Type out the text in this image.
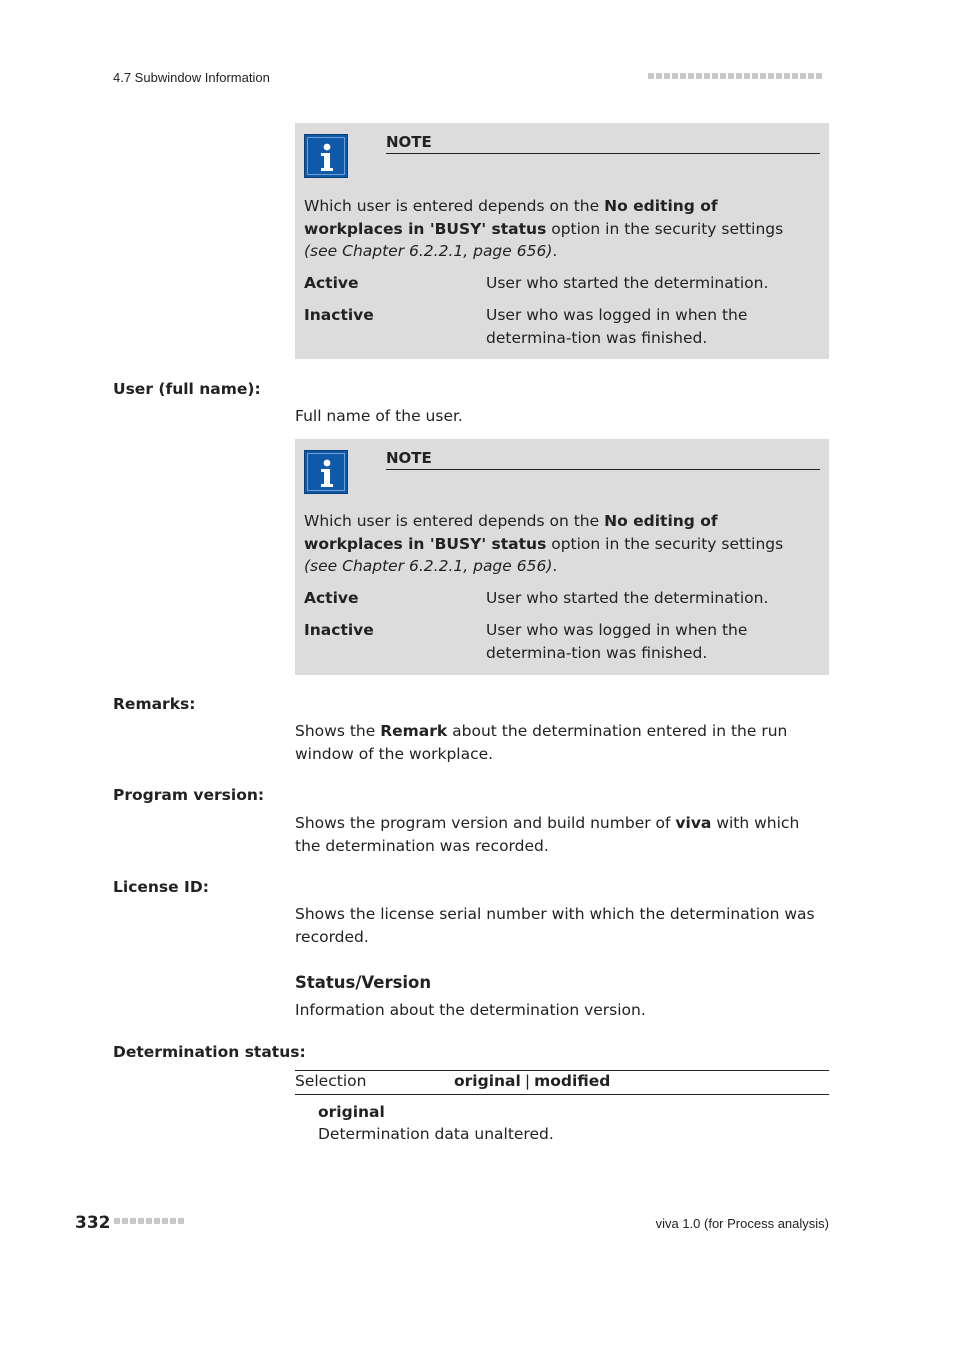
4.7 Subwindow Information
NOTE
Which user is entered depends on the No editing of workplaces in 'BUSY' status option in the security settings (see Chapter 6.2.2.1, page 656).
Active	User who started the determination.
Inactive	User who was logged in when the determina-tion was finished.
User (full name):
Full name of the user.
NOTE
Which user is entered depends on the No editing of workplaces in 'BUSY' status option in the security settings (see Chapter 6.2.2.1, page 656).
Active	User who started the determination.
Inactive	User who was logged in when the determina-tion was finished.
Remarks:
Shows the Remark about the determination entered in the run window of the workplace.
Program version:
Shows the program version and build number of viva with which the determination was recorded.
License ID:
Shows the license serial number with which the determination was recorded.
Status/Version
Information about the determination version.
Determination status:
Selection	original | modified
original
Determination data unaltered.
332	viva 1.0 (for Process analysis)
